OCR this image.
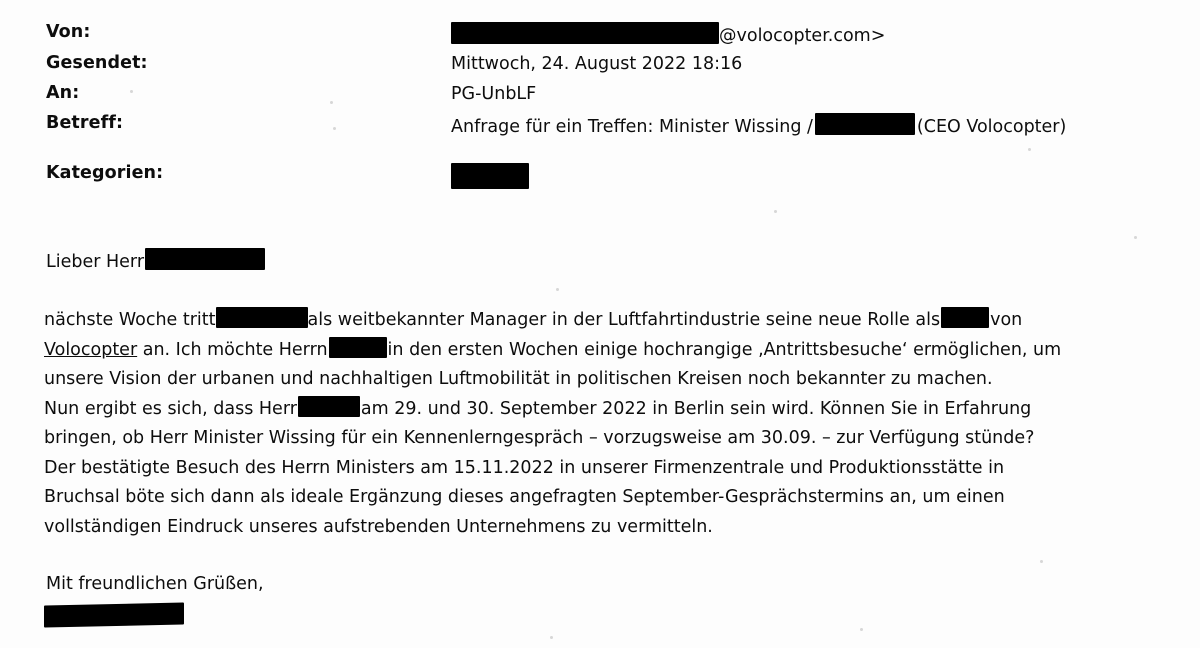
Von:	@volocopter.com>
Gesendet:	Mittwoch, 24. August 2022 18:16
An:	PG-UnbLF
Betreff:	Anfrage für ein Treffen: Minister Wissing /	(CEO Volocopter)
Kategorien:
Lieber Herr
nächste Woche tritt	als weitbekannter Manager in der Luftfahrtindustrie seine neue Rolle als	von
Volocopter an. Ich möchte Herrn	in den ersten Wochen einige hochrangige ‚Antrittsbesuche‘ ermöglichen, um
unsere Vision der urbanen und nachhaltigen Luftmobilität in politischen Kreisen noch bekannter zu machen.
Nun ergibt es sich, dass Herr	am 29. und 30. September 2022 in Berlin sein wird. Können Sie in Erfahrung
bringen, ob Herr Minister Wissing für ein Kennenlerngespräch – vorzugsweise am 30.09. – zur Verfügung stünde?
Der bestätigte Besuch des Herrn Ministers am 15.11.2022 in unserer Firmenzentrale und Produktionsstätte in
Bruchsal böte sich dann als ideale Ergänzung dieses angefragten September-Gesprächstermins an, um einen
vollständigen Eindruck unseres aufstrebenden Unternehmens zu vermitteln.
Mit freundlichen Grüßen,
